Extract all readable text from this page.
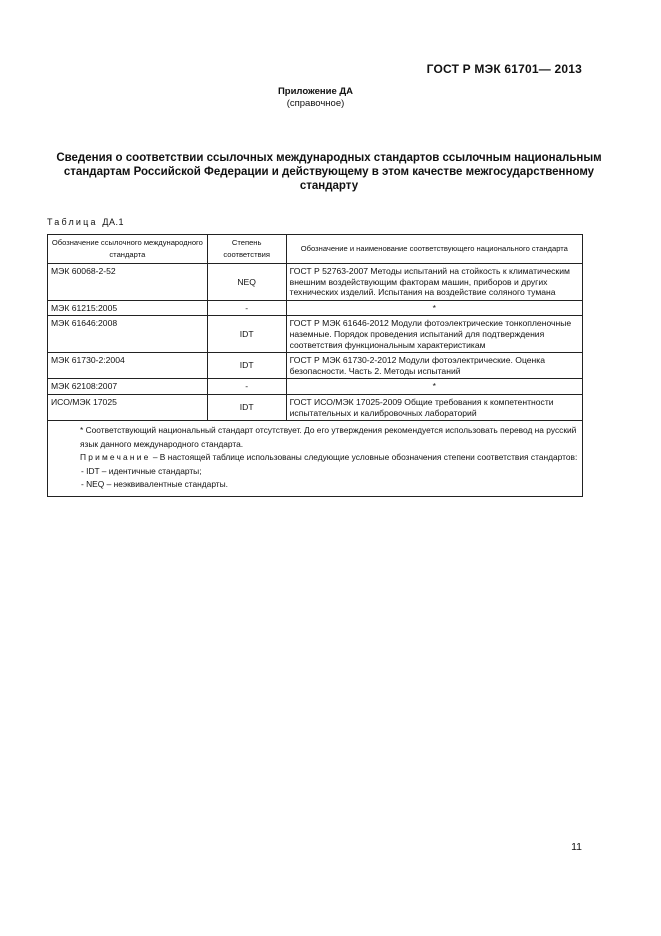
ГОСТ Р МЭК 61701— 2013
Приложение ДА
(справочное)
Сведения о соответствии ссылочных международных стандартов ссылочным национальным стандартам Российской Федерации и действующему в этом качестве межгосударственному стандарту
Таблица ДА.1
Обозначение ссылочного международного стандарта	Степень соответствия	Обозначение и наименование соответствующего национального стандарта
МЭК 60068-2-52	NEQ	ГОСТ Р 52763-2007 Методы испытаний на стойкость к климатическим внешним воздействующим факторам машин, приборов и других технических изделий. Испытания на воздействие соляного тумана
МЭК 61215:2005	-	*
МЭК 61646:2008	IDT	ГОСТ Р МЭК 61646-2012 Модули фотоэлектрические тонкопленочные наземные. Порядок проведения испытаний для подтверждения соответствия функциональным характеристикам
МЭК 61730-2:2004	IDT	ГОСТ Р МЭК 61730-2-2012 Модули фотоэлектрические. Оценка безопасности. Часть 2. Методы испытаний
МЭК 62108:2007	-	*
ИСО/МЭК 17025	IDT	ГОСТ ИСО/МЭК 17025-2009 Общие требования к компетентности испытательных и калибровочных лабораторий

* Соответствующий национальный стандарт отсутствует. До его утверждения рекомендуется использовать перевод на русский язык данного международного стандарта.
Примечание – В настоящей таблице использованы следующие условные обозначения степени соответствия стандартов:
- IDT – идентичные стандарты;
- NEQ – неэквивалентные стандарты.		
11
